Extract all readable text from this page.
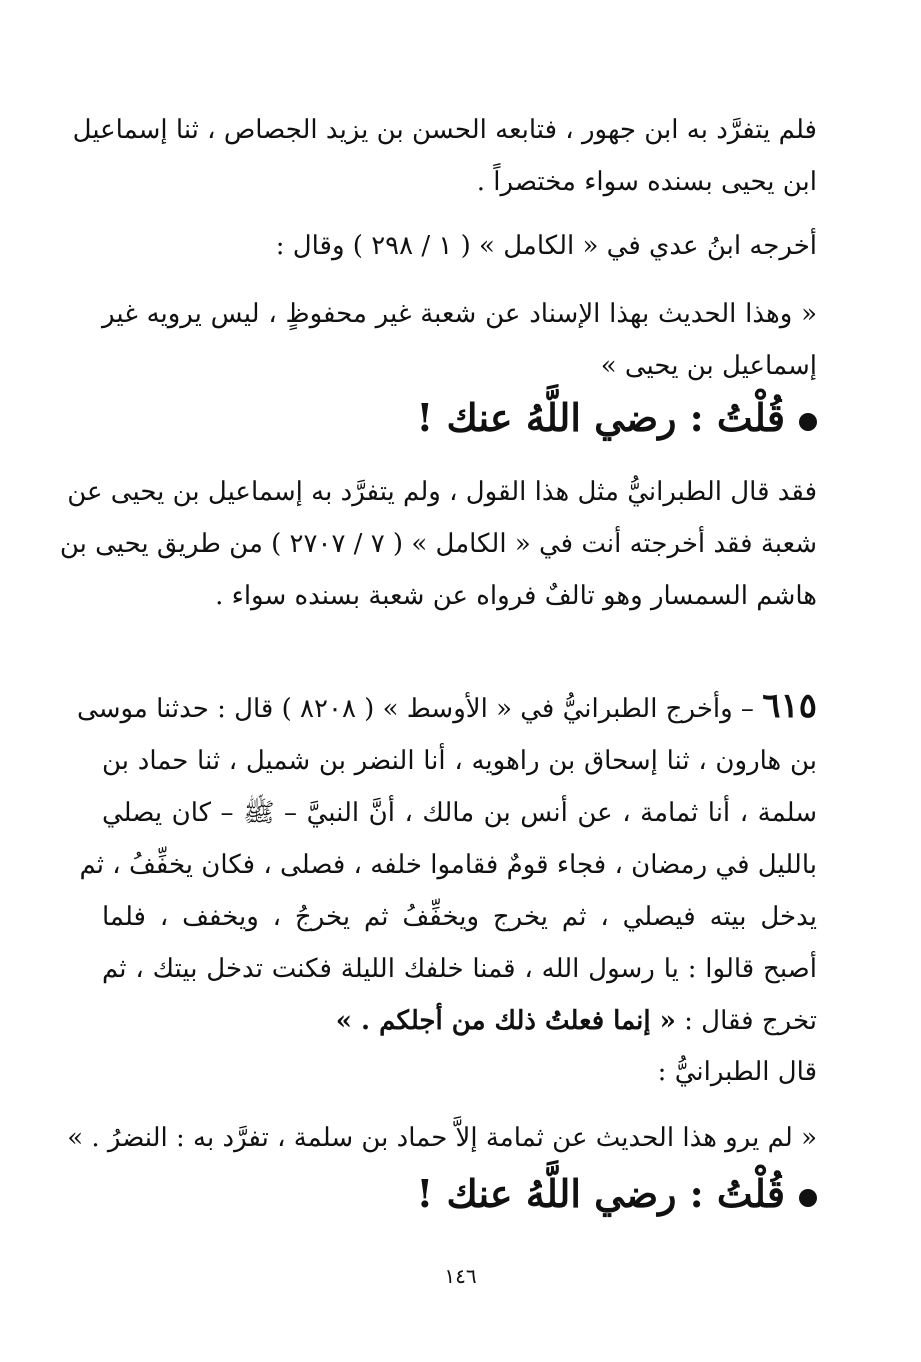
فلم يتفرَّد به ابن جهور ، فتابعه الحسن بن يزيد الجصاص ، ثنا إسماعيل
ابن يحيى بسنده سواء مختصراً .
أخرجه ابنُ عدي في « الكامل » ( ١ / ٢٩٨ ) وقال :
« وهذا الحديث بهذا الإسناد عن شعبة غير محفوظٍ ، ليس يرويه غير
إسماعيل بن يحيى »
قُلْتُ : رضي اللَّهُ عنك !
فقد قال الطبرانيُّ مثل هذا القول ، ولم يتفرَّد به إسماعيل بن يحيى عن
شعبة فقد أخرجته أنت في « الكامل » ( ٧ / ٢٧٠٧ ) من طريق يحيى بن
هاشم السمسار وهو تالفٌ فرواه عن شعبة بسنده سواء .
٦١٥ – وأخرج الطبرانيُّ في « الأوسط » ( ٨٢٠٨ ) قال : حدثنا موسى
بن هارون ، ثنا إسحاق بن راهويه ، أنا النضر بن شميل ، ثنا حماد بن
سلمة ، أنا ثمامة ، عن أنس بن مالك ، أنَّ النبيَّ – ﷺ – كان يصلي
بالليل في رمضان ، فجاء قومٌ فقاموا خلفه ، فصلى ، فكان يخفِّفُ ، ثم
يدخل بيته فيصلي ، ثم يخرج ويخفِّفُ ثم يخرجُ ، ويخفف ، فلما
أصبح قالوا : يا رسول الله ، قمنا خلفك الليلة فكنت تدخل بيتك ، ثم
تخرج فقال : « إنما فعلتُ ذلك من أجلكم . »
قال الطبرانيُّ :
« لم يرو هذا الحديث عن ثمامة إلاَّ حماد بن سلمة ، تفرَّد به : النضرُ . »
قُلْتُ : رضي اللَّهُ عنك !
١٤٦
